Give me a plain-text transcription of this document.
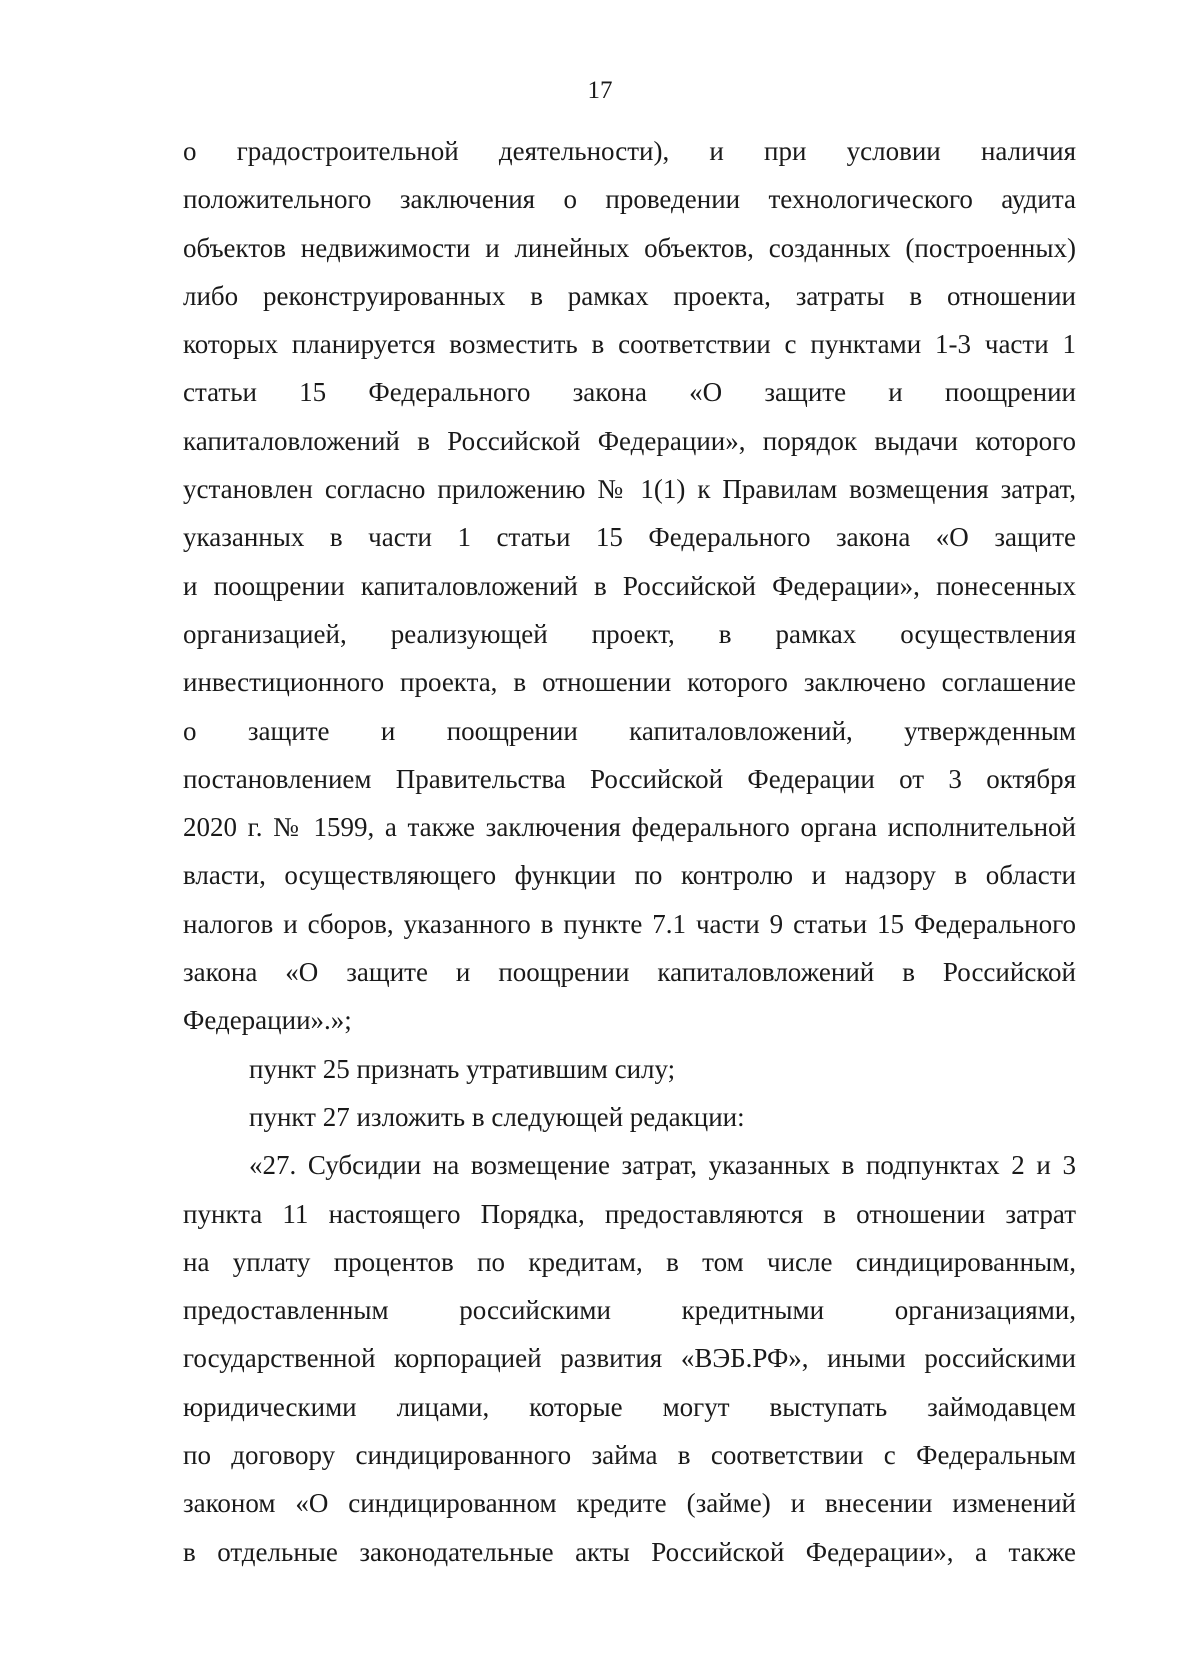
17
о градостроительной деятельности), и при условии наличия
положительного заключения о проведении технологического аудита
объектов недвижимости и линейных объектов, созданных (построенных)
либо реконструированных в рамках проекта, затраты в отношении
которых планируется возместить в соответствии с пунктами 1-3 части 1
статьи 15 Федерального закона «О защите и поощрении
капиталовложений в Российской Федерации», порядок выдачи которого
установлен согласно приложению № 1(1) к Правилам возмещения затрат,
указанных в части 1 статьи 15 Федерального закона «О защите
и поощрении капиталовложений в Российской Федерации», понесенных
организацией, реализующей проект, в рамках осуществления
инвестиционного проекта, в отношении которого заключено соглашение
о защите и поощрении капиталовложений, утвержденным
постановлением Правительства Российской Федерации от 3 октября
2020 г. № 1599, а также заключения федерального органа исполнительной
власти, осуществляющего функции по контролю и надзору в области
налогов и сборов, указанного в пункте 7.1 части 9 статьи 15 Федерального
закона «О защите и поощрении капиталовложений в Российской
Федерации».»;
пункт 25 признать утратившим силу;
пункт 27 изложить в следующей редакции:
«27. Субсидии на возмещение затрат, указанных в подпунктах 2 и 3
пункта 11 настоящего Порядка, предоставляются в отношении затрат
на уплату процентов по кредитам, в том числе синдицированным,
предоставленным российскими кредитными организациями,
государственной корпорацией развития «ВЭБ.РФ», иными российскими
юридическими лицами, которые могут выступать займодавцем
по договору синдицированного займа в соответствии с Федеральным
законом «О синдицированном кредите (займе) и внесении изменений
в отдельные законодательные акты Российской Федерации», а также
